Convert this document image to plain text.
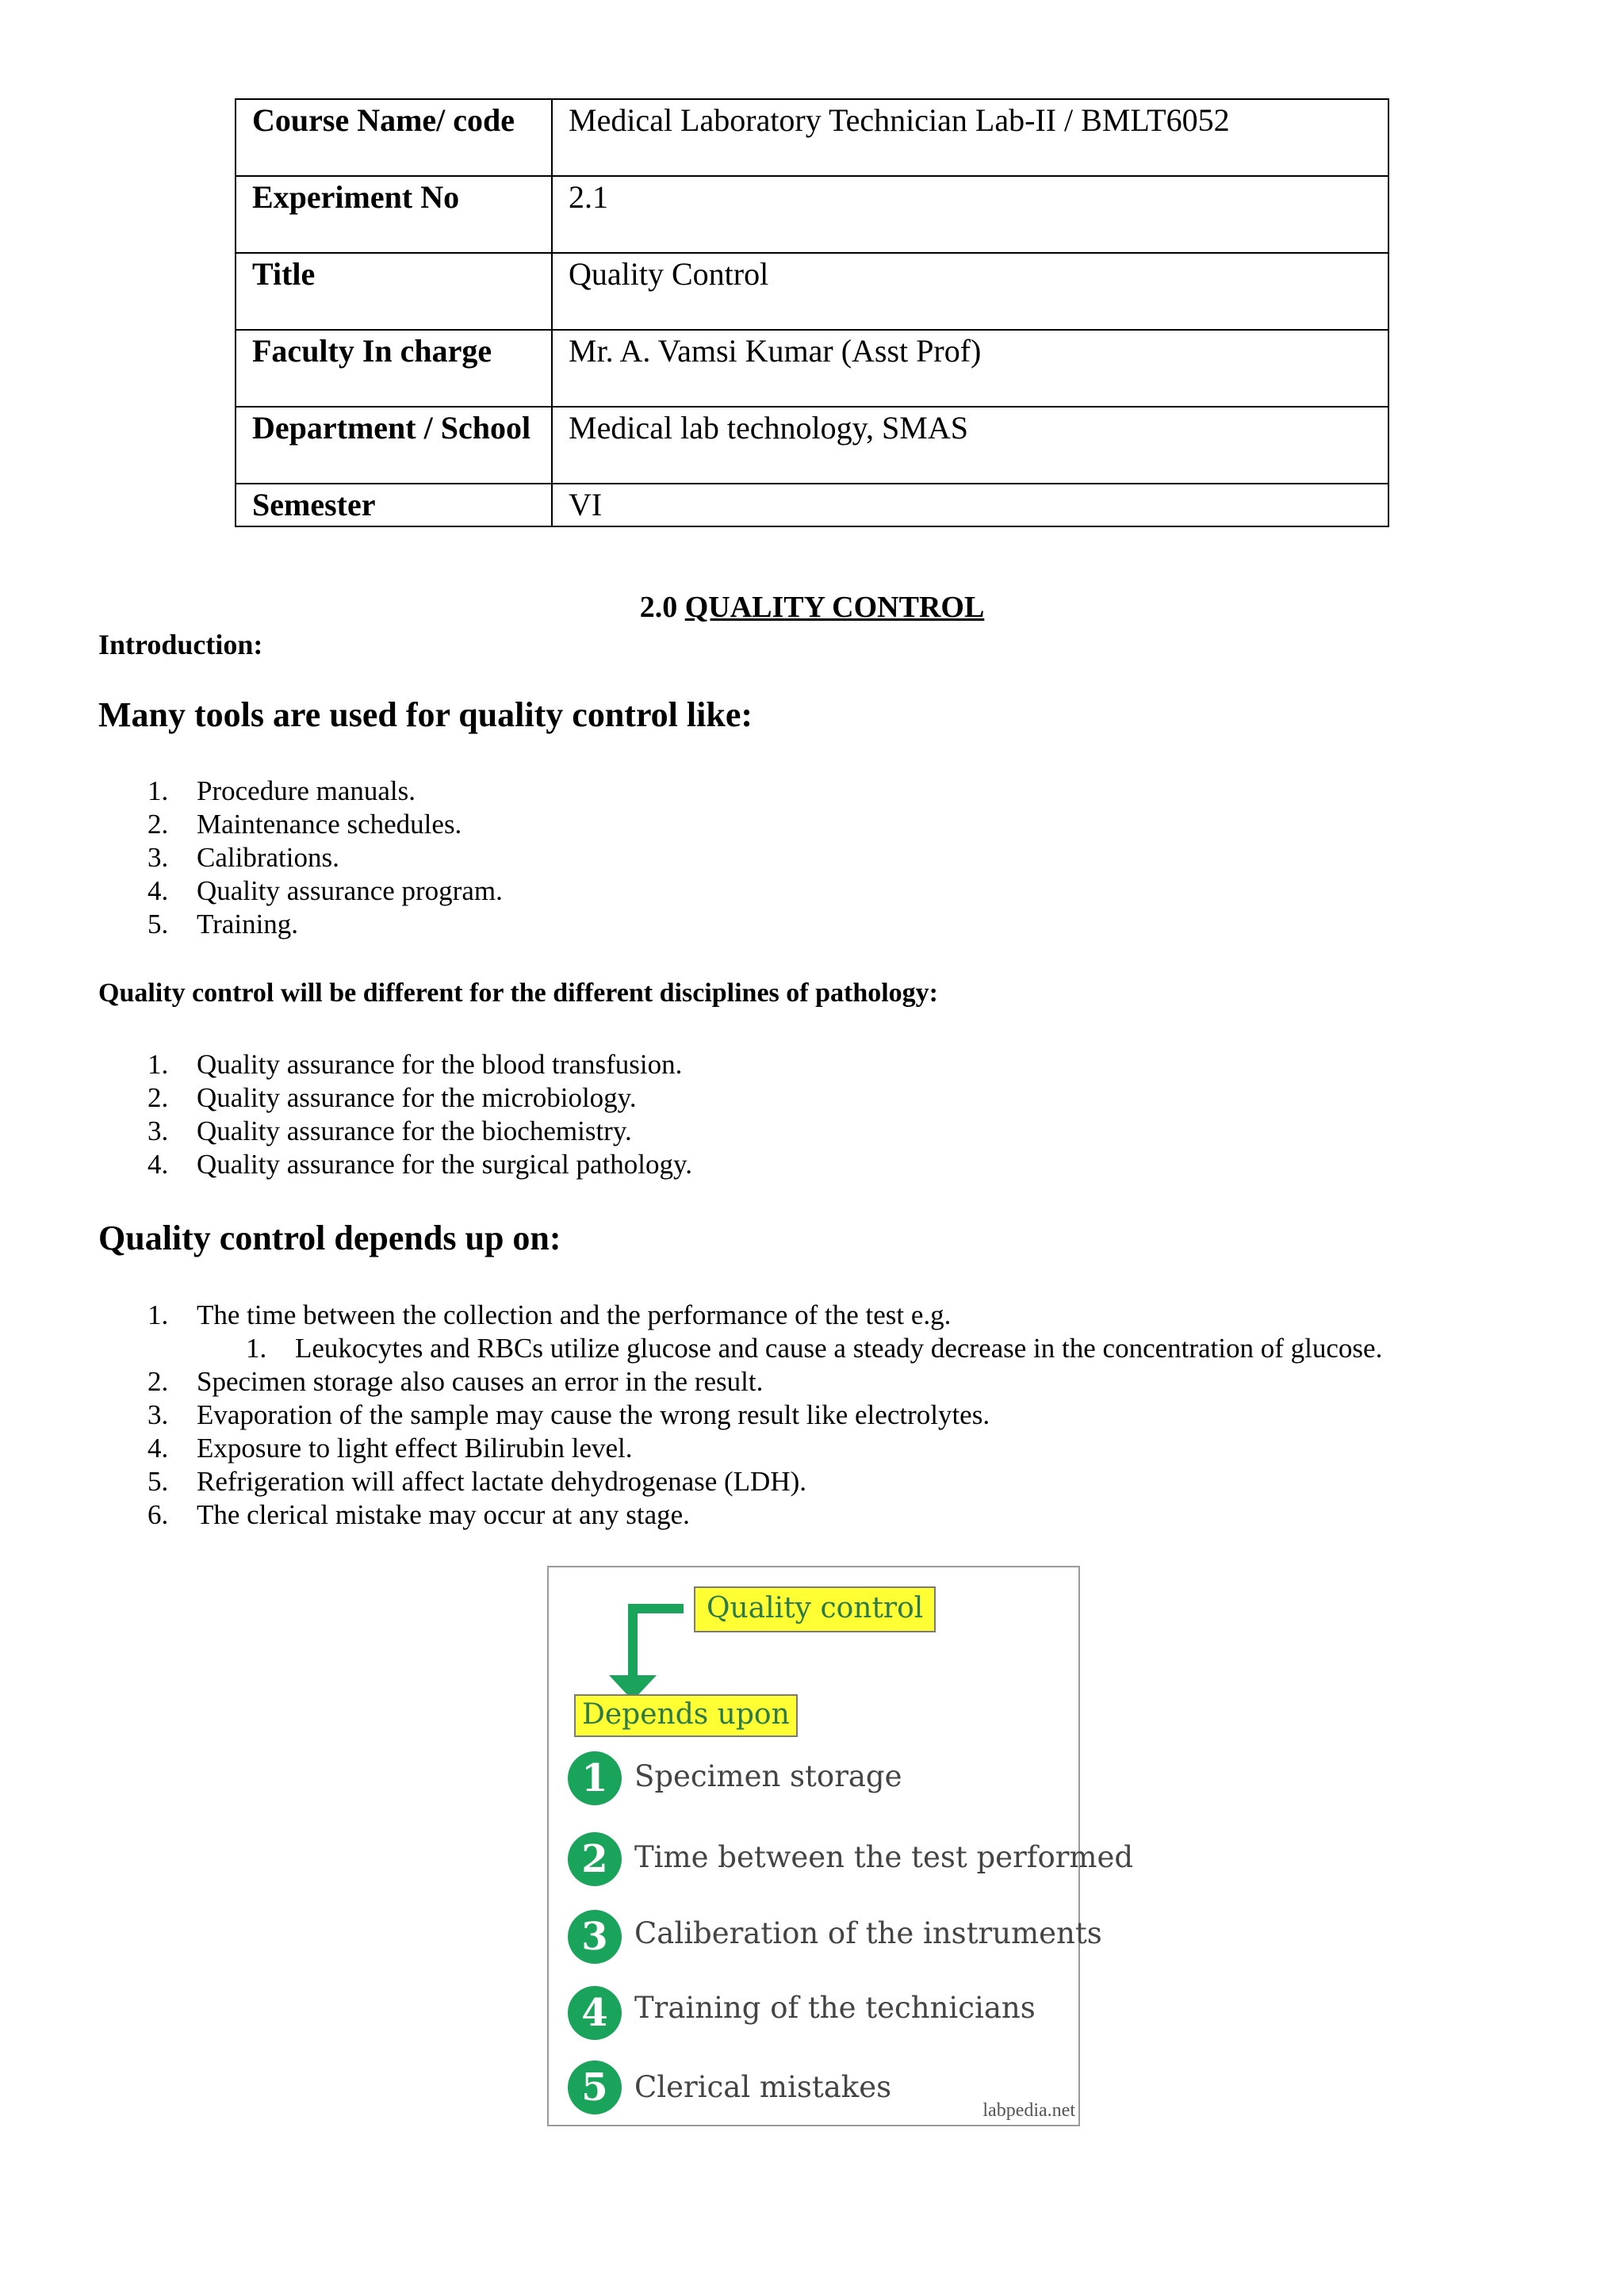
Course Name/ code	Medical Laboratory Technician Lab-II / BMLT6052
Experiment No	2.1
Title	Quality Control
Faculty In charge	Mr. A. Vamsi Kumar (Asst Prof)
Department / School	Medical lab technology, SMAS
Semester	VI
2.0 QUALITY CONTROL
Introduction:
Many tools are used for quality control like:
1. Procedure manuals.
2. Maintenance schedules.
3. Calibrations.
4. Quality assurance program.
5. Training.
Quality control will be different for the different disciplines of pathology:
1. Quality assurance for the blood transfusion.
2. Quality assurance for the microbiology.
3. Quality assurance for the biochemistry.
4. Quality assurance for the surgical pathology.
Quality control depends up on:
1. The time between the collection and the performance of the test e.g.
1. Leukocytes and RBCs utilize glucose and cause a steady decrease in the concentration of glucose.
2. Specimen storage also causes an error in the result.
3. Evaporation of the sample may cause the wrong result like electrolytes.
4. Exposure to light effect Bilirubin level.
5. Refrigeration will affect lactate dehydrogenase (LDH).
6. The clerical mistake may occur at any stage.
Quality control
Depends upon
1 Specimen storage
2 Time between the test performed
3 Caliberation of the instruments
4 Training of the technicians
5 Clerical mistakes
labpedia.net
